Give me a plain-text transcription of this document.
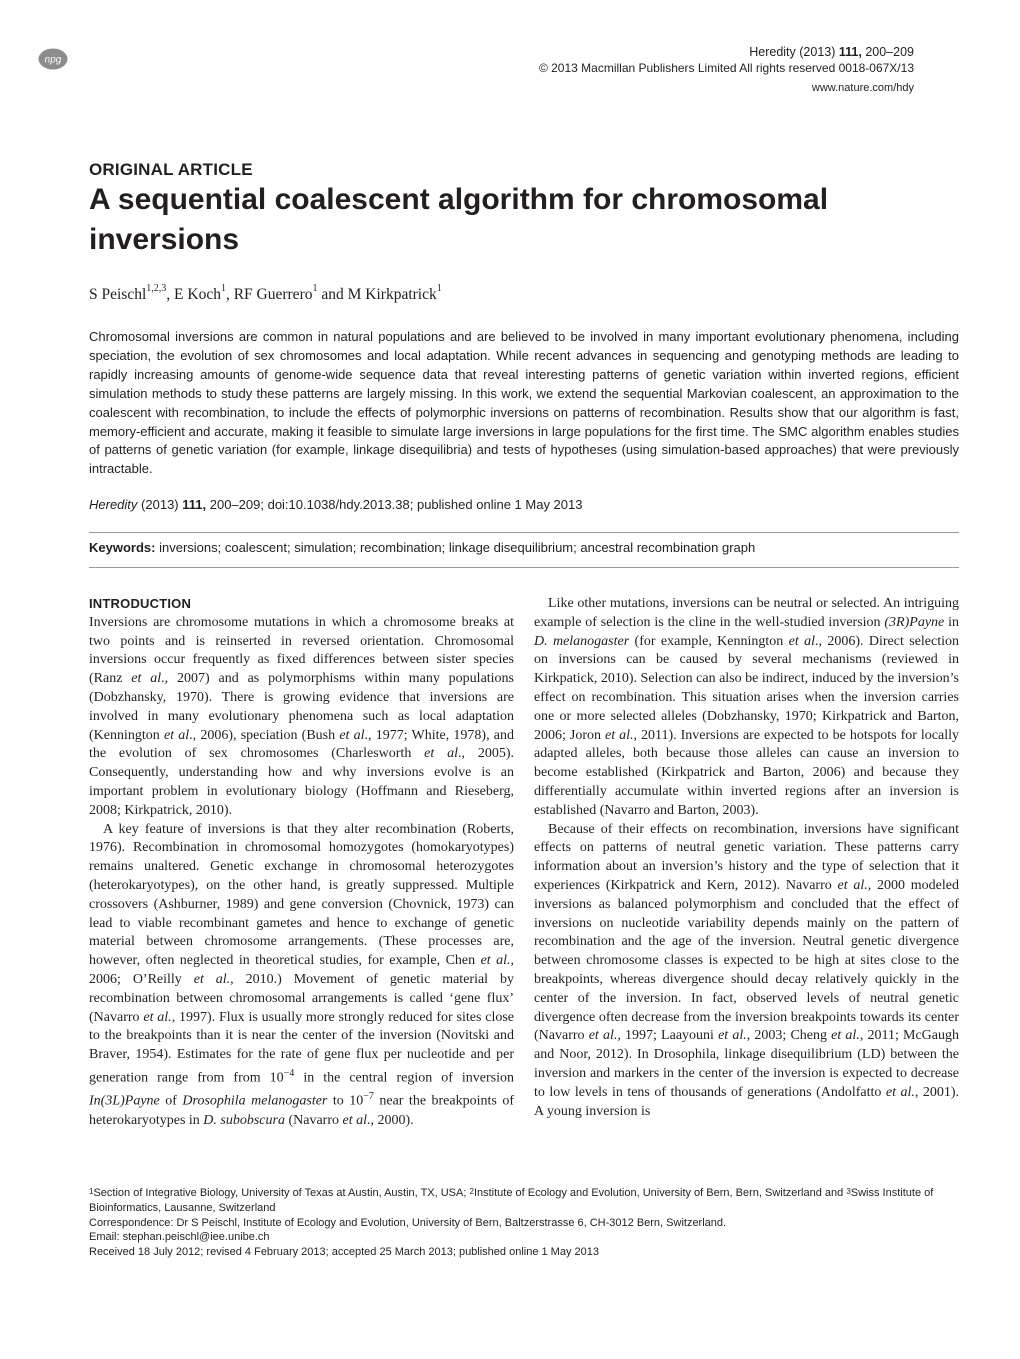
npg
Heredity (2013) 111, 200–209
© 2013 Macmillan Publishers Limited All rights reserved 0018-067X/13
www.nature.com/hdy
ORIGINAL ARTICLE
A sequential coalescent algorithm for chromosomal inversions
S Peischl$^{1,2,3}$, E Koch$^1$, RF Guerrero$^1$ and M Kirkpatrick$^1$
Chromosomal inversions are common in natural populations and are believed to be involved in many important evolutionary phenomena, including speciation, the evolution of sex chromosomes and local adaptation. While recent advances in sequencing and genotyping methods are leading to rapidly increasing amounts of genome-wide sequence data that reveal interesting patterns of genetic variation within inverted regions, efficient simulation methods to study these patterns are largely missing. In this work, we extend the sequential Markovian coalescent, an approximation to the coalescent with recombination, to include the effects of polymorphic inversions on patterns of recombination. Results show that our algorithm is fast, memory-efficient and accurate, making it feasible to simulate large inversions in large populations for the first time. The SMC algorithm enables studies of patterns of genetic variation (for example, linkage disequilibria) and tests of hypotheses (using simulation-based approaches) that were previously intractable.
Heredity (2013) 111, 200–209; doi:10.1038/hdy.2013.38; published online 1 May 2013
Keywords: inversions; coalescent; simulation; recombination; linkage disequilibrium; ancestral recombination graph
INTRODUCTION

Inversions are chromosome mutations in which a chromosome breaks at two points and is reinserted in reversed orientation. Chromosomal inversions occur frequently as fixed differences between sister species (Ranz et al., 2007) and as polymorphisms within many populations (Dobzhansky, 1970). There is growing evidence that inversions are involved in many evolutionary phenomena such as local adaptation (Kennington et al., 2006), speciation (Bush et al., 1977; White, 1978), and the evolution of sex chromosomes (Charlesworth et al., 2005). Consequently, understanding how and why inversions evolve is an important problem in evolutionary biology (Hoffmann and Rieseberg, 2008; Kirkpatrick, 2010).

A key feature of inversions is that they alter recombination (Roberts, 1976). Recombination in chromosomal homozygotes (homokaryotypes) remains unaltered. Genetic exchange in chromosomal heterozygotes (heterokaryotypes), on the other hand, is greatly suppressed. Multiple crossovers (Ashburner, 1989) and gene conversion (Chovnick, 1973) can lead to viable recombinant gametes and hence to exchange of genetic material between chromosome arrangements. (These processes are, however, often neglected in theoretical studies, for example, Chen et al., 2006; O’Reilly et al., 2010.) Movement of genetic material by recombination between chromosomal arrangements is called ‘gene flux’ (Navarro et al., 1997). Flux is usually more strongly reduced for sites close to the breakpoints than it is near the center of the inversion (Novitski and Braver, 1954). Estimates for the rate of gene flux per nucleotide and per generation range from from $10^{-4}$ in the central region of inversion In(3L)Payne of Drosophila melanogaster to $10^{-7}$ near the breakpoints of heterokaryotypes in D. subobscura (Navarro et al., 2000).

Like other mutations, inversions can be neutral or selected. An intriguing example of selection is the cline in the well-studied inversion (3R)Payne in D. melanogaster (for example, Kennington et al., 2006). Direct selection on inversions can be caused by several mechanisms (reviewed in Kirkpatick, 2010). Selection can also be indirect, induced by the inversion’s effect on recombination. This situation arises when the inversion carries one or more selected alleles (Dobzhansky, 1970; Kirkpatrick and Barton, 2006; Joron et al., 2011). Inversions are expected to be hotspots for locally adapted alleles, both because those alleles can cause an inversion to become established (Kirkpatrick and Barton, 2006) and because they differentially accumulate within inverted regions after an inversion is established (Navarro and Barton, 2003).

Because of their effects on recombination, inversions have significant effects on patterns of neutral genetic variation. These patterns carry information about an inversion’s history and the type of selection that it experiences (Kirkpatrick and Kern, 2012). Navarro et al., 2000 modeled inversions as balanced polymorphism and concluded that the effect of inversions on nucleotide variability depends mainly on the pattern of recombination and the age of the inversion. Neutral genetic divergence between chromosome classes is expected to be high at sites close to the breakpoints, whereas divergence should decay relatively quickly in the center of the inversion. In fact, observed levels of neutral genetic divergence often decrease from the inversion breakpoints towards its center (Navarro et al., 1997; Laayouni et al., 2003; Cheng et al., 2011; McGaugh and Noor, 2012). In Drosophila, linkage disequilibrium (LD) between the inversion and markers in the center of the inversion is expected to decrease to low levels in tens of thousands of generations (Andolfatto et al., 2001). A young inversion is

$^1$Section of Integrative Biology, University of Texas at Austin, Austin, TX, USA; $^2$Institute of Ecology and Evolution, University of Bern, Bern, Switzerland and $^3$Swiss Institute of Bioinformatics, Lausanne, Switzerland
Correspondence: Dr S Peischl, Institute of Ecology and Evolution, University of Bern, Baltzerstrasse 6, CH-3012 Bern, Switzerland.
Email: stephan.peischl@iee.unibe.ch
Received 18 July 2012; revised 4 February 2013; accepted 25 March 2013; published online 1 May 2013
